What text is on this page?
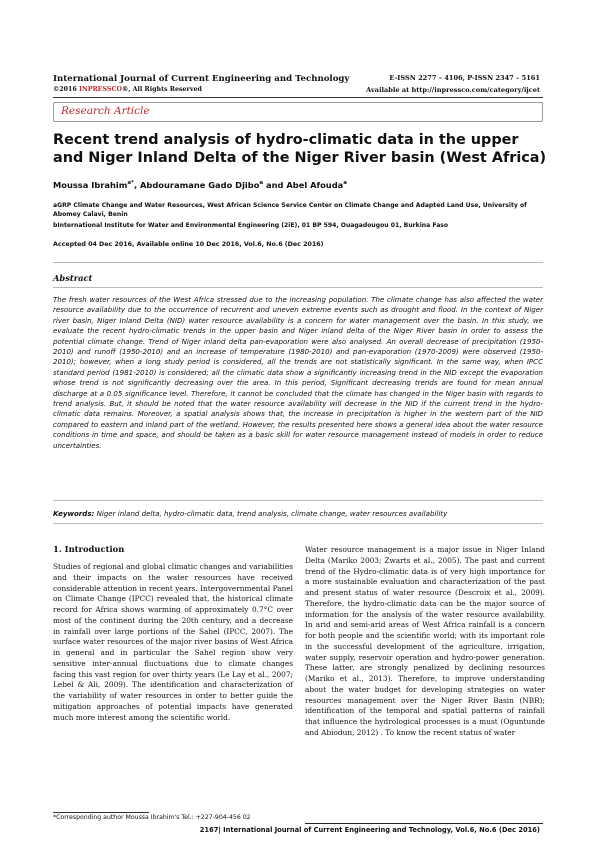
International Journal of Current Engineering and Technology
©2016 INPRESSCO®, All Rights Reserved
E-ISSN 2277 – 4106, P-ISSN 2347 – 5161
Available at http://inpressco.com/category/ijcet
Research Article
Recent trend analysis of hydro-climatic data in the upper and Niger Inland Delta of the Niger River basin (West Africa)
Moussa Ibrahim$^{a*}$, Abdouramane Gado Djibo$^a$ and Abel Afouda$^a$
aGRP Climate Change and Water Resources, West African Science Service Center on Climate Change and Adapted Land Use, University of Abomey Calavi, Benin
bInternational Institute for Water and Environmental Engineering (2iE), 01 BP 594, Ouagadougou 01, Burkina Faso
Accepted 04 Dec 2016, Available online 10 Dec 2016, Vol.6, No.6 (Dec 2016)
Abstract
The fresh water resources of the West Africa stressed due to the increasing population. The climate change has also affected the water resource availability due to the occurrence of recurrent and uneven extreme events such as drought and flood. In the context of Niger river basin, Niger Inland Delta (NID) water resource availability is a concern for water management over the basin. In this study, we evaluate the recent hydro-climatic trends in the upper basin and Niger inland delta of the Niger River basin in order to assess the potential climate change. Trend of Niger inland delta pan-evaporation were also analysed. An overall decrease of precipitation (1950-2010) and runoff (1950-2010) and an increase of temperature (1980-2010) and pan-evaporation (1970-2009) were observed (1950-2010); however, when a long study period is considered, all the trends are not statistically significant. In the same way, when IPCC standard period (1981-2010) is considered; all the climatic data show a significantly increasing trend in the NID except the evaporation whose trend is not significantly decreasing over the area. In this period, Significant decreasing trends are found for mean annual discharge at a 0.05 significance level. Therefore, it cannot be concluded that the climate has changed in the Niger basin with regards to trend analysis. But, it should be noted that the water resource availability will decrease in the NID if the current trend in the hydro-climatic data remains. Moreover, a spatial analysis shows that, the increase in precipitation is higher in the western part of the NID compared to eastern and inland part of the wetland. However, the results presented here shows a general idea about the water resource conditions in time and space, and should be taken as a basic skill for water resource management instead of models in order to reduce uncertainties.
Keywords: Niger inland delta, hydro-climatic data, trend analysis, climate change, water resources availability
1. Introduction
Studies of regional and global climatic changes and variabilities and their impacts on the water resources have received considerable attention in recent years. Intergovernmental Panel on Climate Change (IPCC) revealed that, the historical climate record for Africa shows warming of approximately 0.7°C over most of the continent during the 20th century, and a decrease in rainfall over large portions of the Sahel (IPCC, 2007). The surface water resources of the major river basins of West Africa in general and in particular the Sahel region show very sensitive inter-annual fluctuations due to climate changes facing this vast region for over thirty years (Le Lay et al., 2007; Lebel & Ali, 2009). The identification and characterization of the variability of water resources in order to better guide the mitigation approaches of potential impacts have generated much more interest among the scientific world.
Water resource management is a major issue in Niger Inland Delta (Mariko 2003; Zwarts et al., 2005). The past and current trend of the Hydro-climatic data is of very high importance for a more sustainable evaluation and characterization of the past and present status of water resource (Descroix et al., 2009). Therefore, the hydro-climatic data can be the major source of information for the analysis of the water resource availability. In arid and semi-arid areas of West Africa rainfall is a concern for both people and the scientific world; with its important role in the successful development of the agriculture, irrigation, water supply, reservoir operation and hydro-power generation. These latter, are strongly penalized by declining resources (Mariko et al., 2013). Therefore, to improve understanding about the water budget for developing strategies on water resources management over the Niger River Basin (NBR); identification of the temporal and spatial patterns of rainfall that influence the hydrological processes is a must (Oguntunde and Abiodun, 2012) . To know the recent status of water
*Corresponding author Moussa Ibrahim's Tel.: +227-904-456 02
2167| International Journal of Current Engineering and Technology, Vol.6, No.6 (Dec 2016)
